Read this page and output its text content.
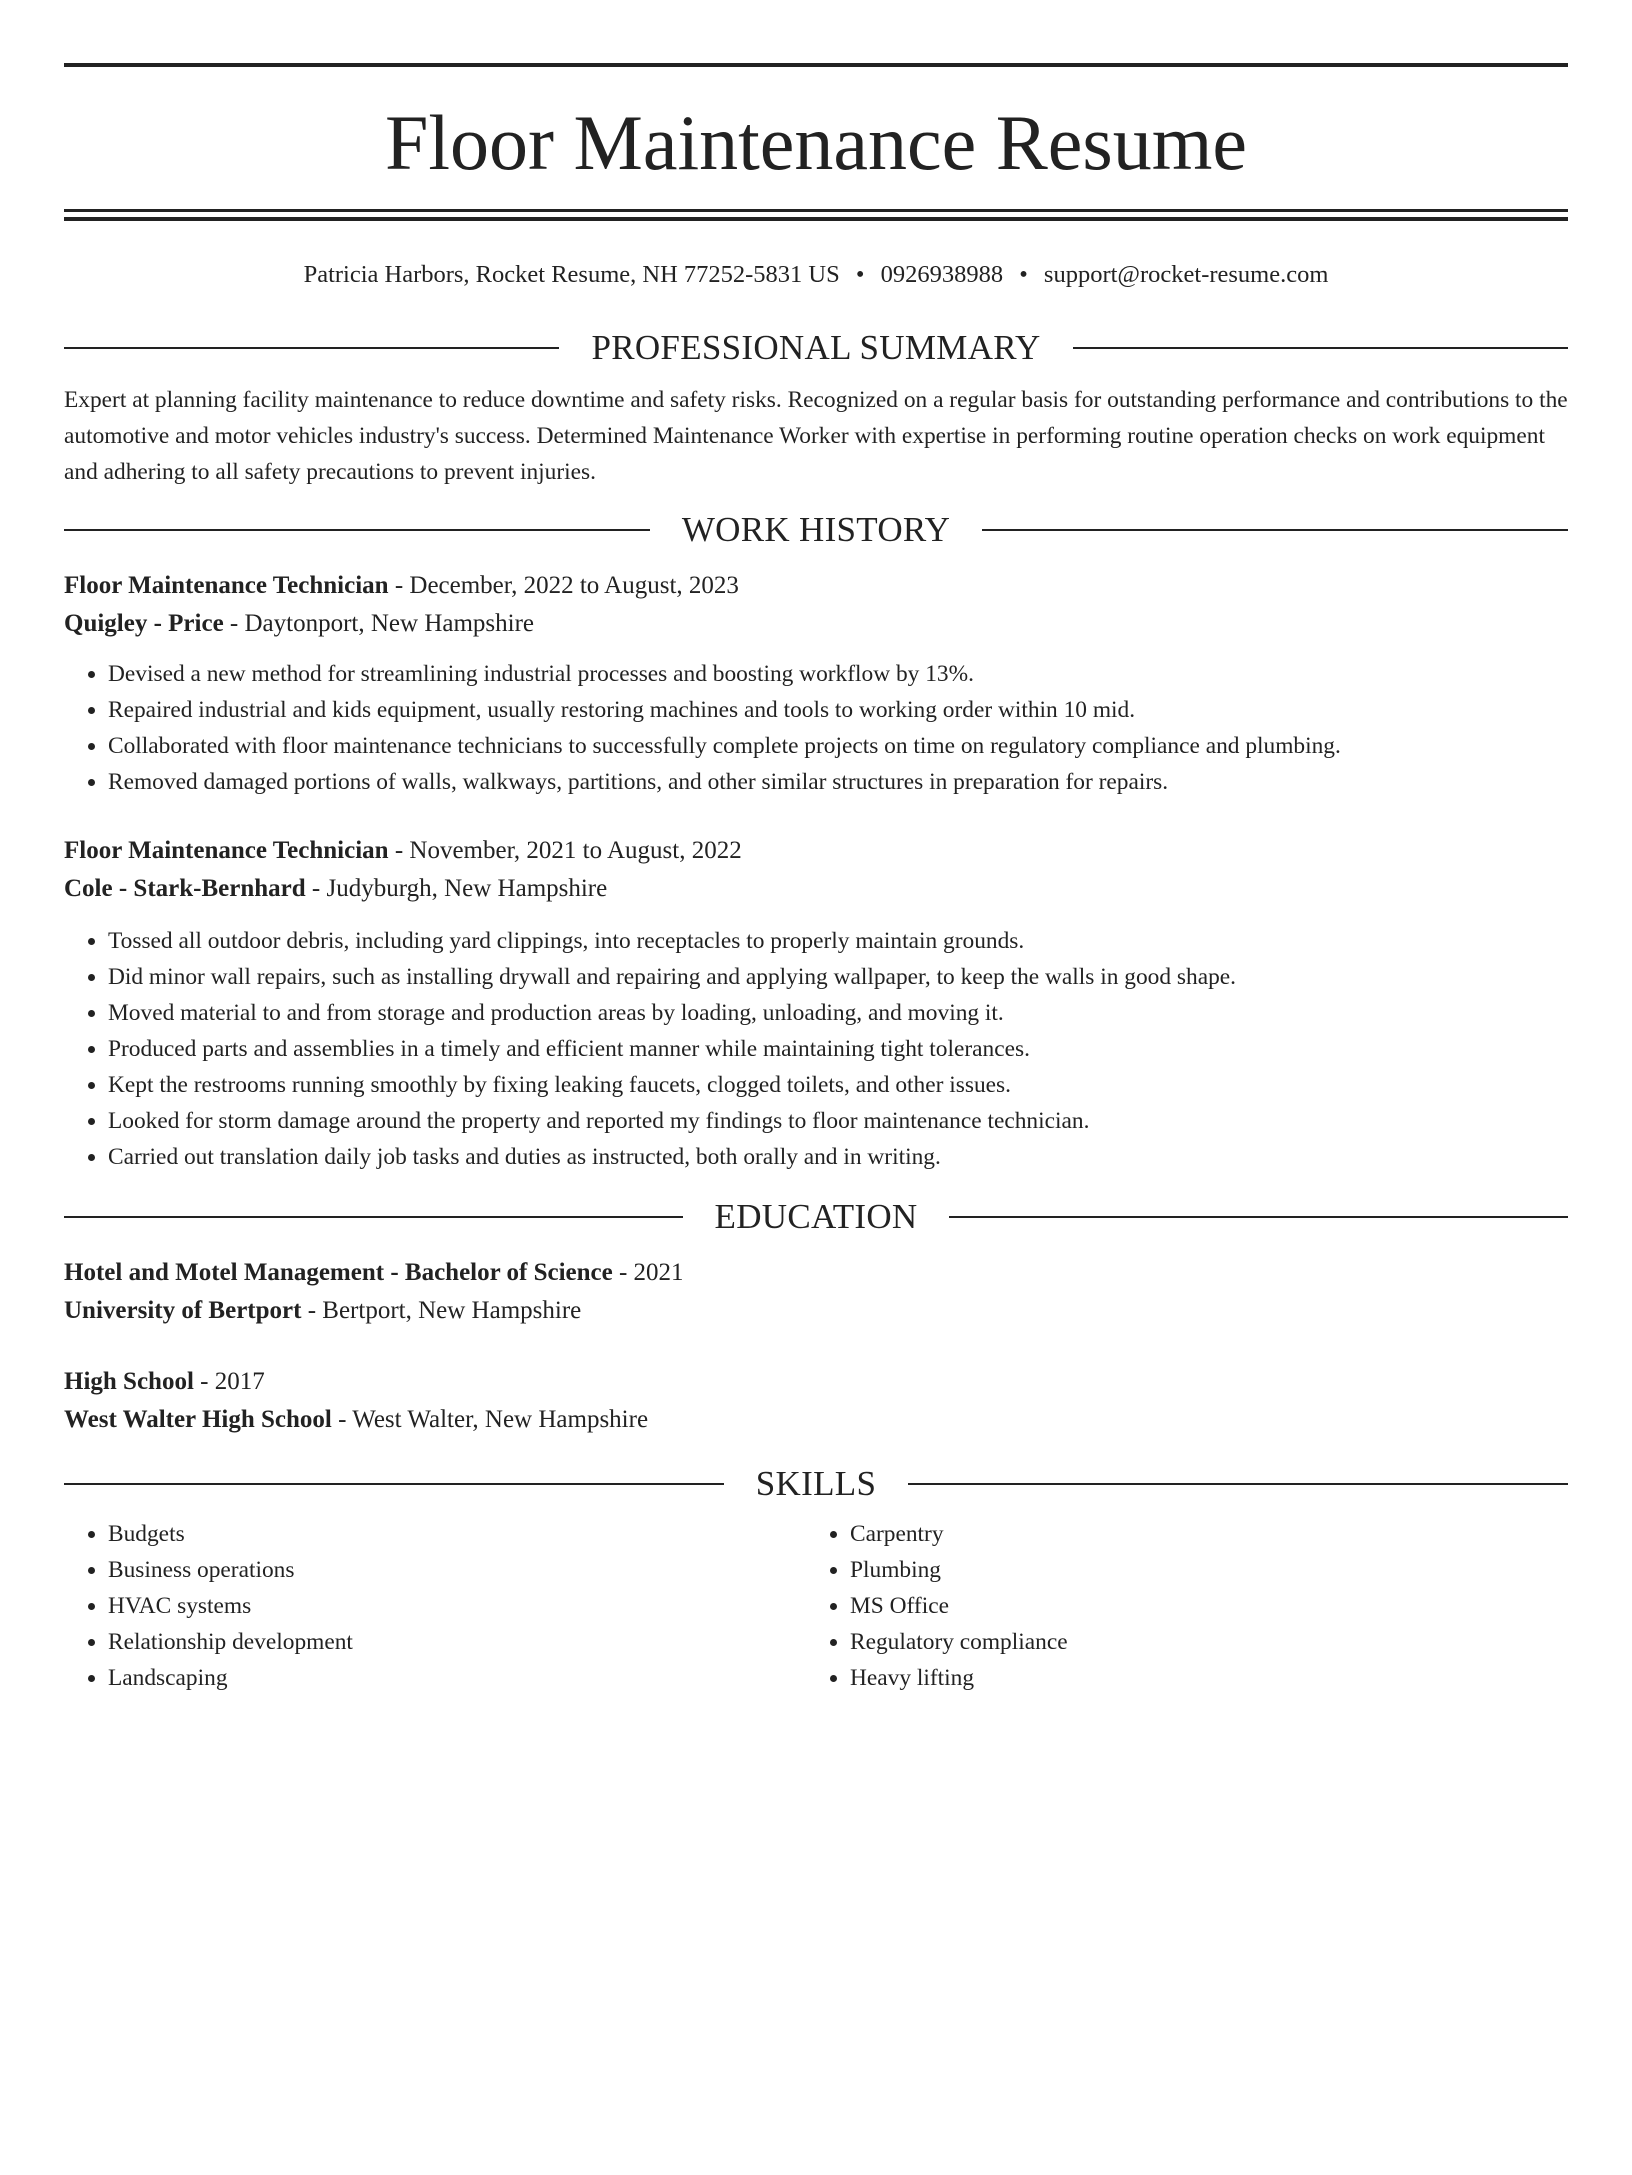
Floor Maintenance Resume
Patricia Harbors, Rocket Resume, NH 77252-5831 US • 0926938988 • support@rocket-resume.com
PROFESSIONAL SUMMARY

Expert at planning facility maintenance to reduce downtime and safety risks. Recognized on a regular basis for outstanding performance and contributions to the automotive and motor vehicles industry's success. Determined Maintenance Worker with expertise in performing routine operation checks on work equipment and adhering to all safety precautions to prevent injuries.

WORK HISTORY
Floor Maintenance Technician - December, 2022 to August, 2023
Quigley - Price - Daytonport, New Hampshire
• Devised a new method for streamlining industrial processes and boosting workflow by 13%.
• Repaired industrial and kids equipment, usually restoring machines and tools to working order within 10 mid.
• Collaborated with floor maintenance technicians to successfully complete projects on time on regulatory compliance and plumbing.
• Removed damaged portions of walls, walkways, partitions, and other similar structures in preparation for repairs.
Floor Maintenance Technician - November, 2021 to August, 2022
Cole - Stark-Bernhard - Judyburgh, New Hampshire
• Tossed all outdoor debris, including yard clippings, into receptacles to properly maintain grounds.
• Did minor wall repairs, such as installing drywall and repairing and applying wallpaper, to keep the walls in good shape.
• Moved material to and from storage and production areas by loading, unloading, and moving it.
• Produced parts and assemblies in a timely and efficient manner while maintaining tight tolerances.
• Kept the restrooms running smoothly by fixing leaking faucets, clogged toilets, and other issues.
• Looked for storm damage around the property and reported my findings to floor maintenance technician.
• Carried out translation daily job tasks and duties as instructed, both orally and in writing.
EDUCATION
Hotel and Motel Management - Bachelor of Science - 2021
University of Bertport - Bertport, New Hampshire
High School - 2017
West Walter High School - West Walter, New Hampshire
SKILLS
• Budgets
• Business operations
• HVAC systems
• Relationship development
• Landscaping
• Carpentry
• Plumbing
• MS Office
• Regulatory compliance
• Heavy lifting
